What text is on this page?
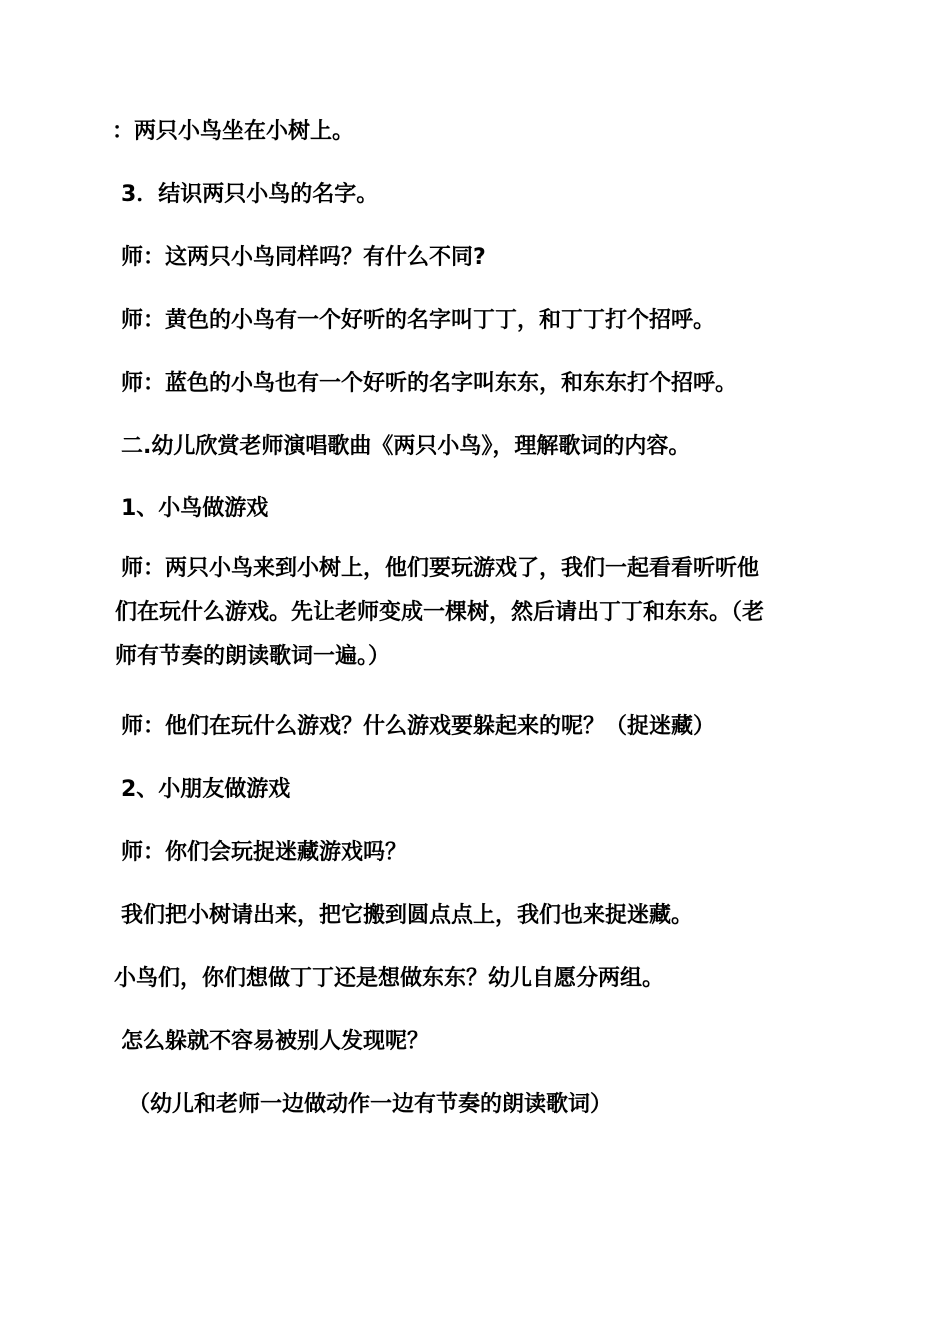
：两只小鸟坐在小树上。

3．结识两只小鸟的名字。

师：这两只小鸟同样吗？有什么不同?

师：黄色的小鸟有一个好听的名字叫丁丁，和丁丁打个招呼。

师：蓝色的小鸟也有一个好听的名字叫东东，和东东打个招呼。

二.幼儿欣赏老师演唱歌曲《两只小鸟》，理解歌词的内容。

1、小鸟做游戏

师：两只小鸟来到小树上，他们要玩游戏了，我们一起看看听听他
们在玩什么游戏。先让老师变成一棵树，然后请出丁丁和东东。（老
师有节奏的朗读歌词一遍。）

师：他们在玩什么游戏？什么游戏要躲起来的呢？（捉迷藏）

2、小朋友做游戏

师：你们会玩捉迷藏游戏吗？

我们把小树请出来，把它搬到圆点点上，我们也来捉迷藏。

小鸟们，你们想做丁丁还是想做东东？幼儿自愿分两组。

怎么躲就不容易被别人发现呢？

（幼儿和老师一边做动作一边有节奏的朗读歌词）
